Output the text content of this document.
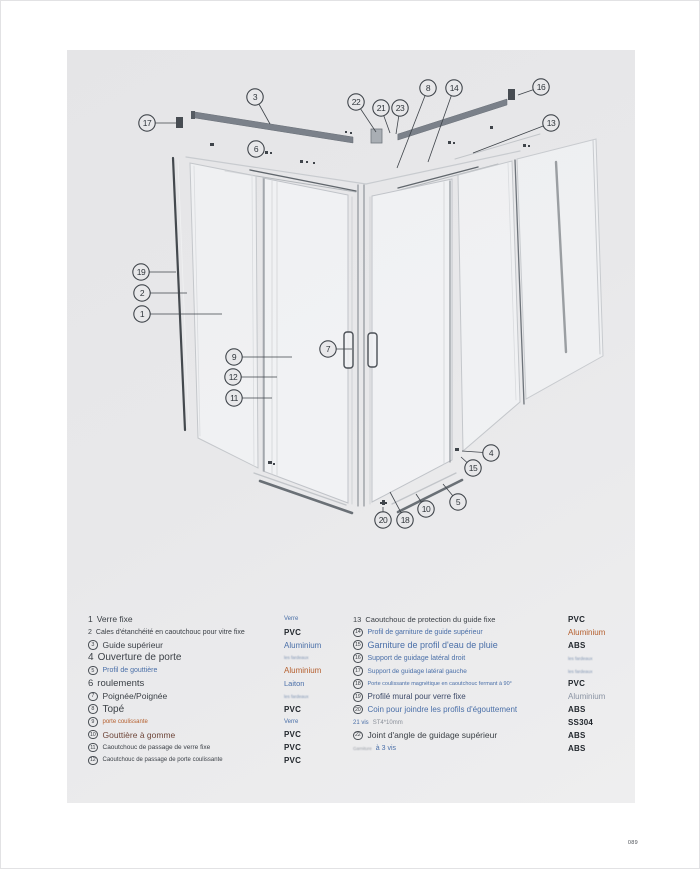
3
17
6
22
21 23
8 14	16
13
19
2
1
9
12
11
7
4
15
5
10
20 18
1 Verre fixe	Verre
2 Cales d'étanchéité en caoutchouc pour vitre fixe	PVC
3 Guide supérieur	Aluminium
4 Ouverture de porte	les fardeaux
5	Profil de gouttière	Aluminium
6 roulements	Laiton
7 Poignée/Poignée	les fardeaux
8 Topé	PVC
9	porte coulissante	Verre
10 Gouttière à gomme	PVC
11	Caoutchouc de passage de verre fixe	PVC
12	Caoutchouc de passage de porte coulissante	PVC
13 Caoutchouc de protection du guide fixe	PVC
14 Profil de garniture de guide supérieur	Aluminium
15 Garniture de profil d'eau de pluie	ABS
16 Support de guidage latéral droit	les fardeaux
17	Support de guidage latéral gauche	les fardeaux
18	Porte coulissante magnétique en caoutchouc fermant à 90°	PVC
19 Profilé mural pour verre fixe	Aluminium
20 Coin pour joindre les profils d'égouttement	ABS
21 vis ST4*10mm	SS304
22 Joint d'angle de guidage supérieur	ABS
Garniture à 3 vis	ABS
089
